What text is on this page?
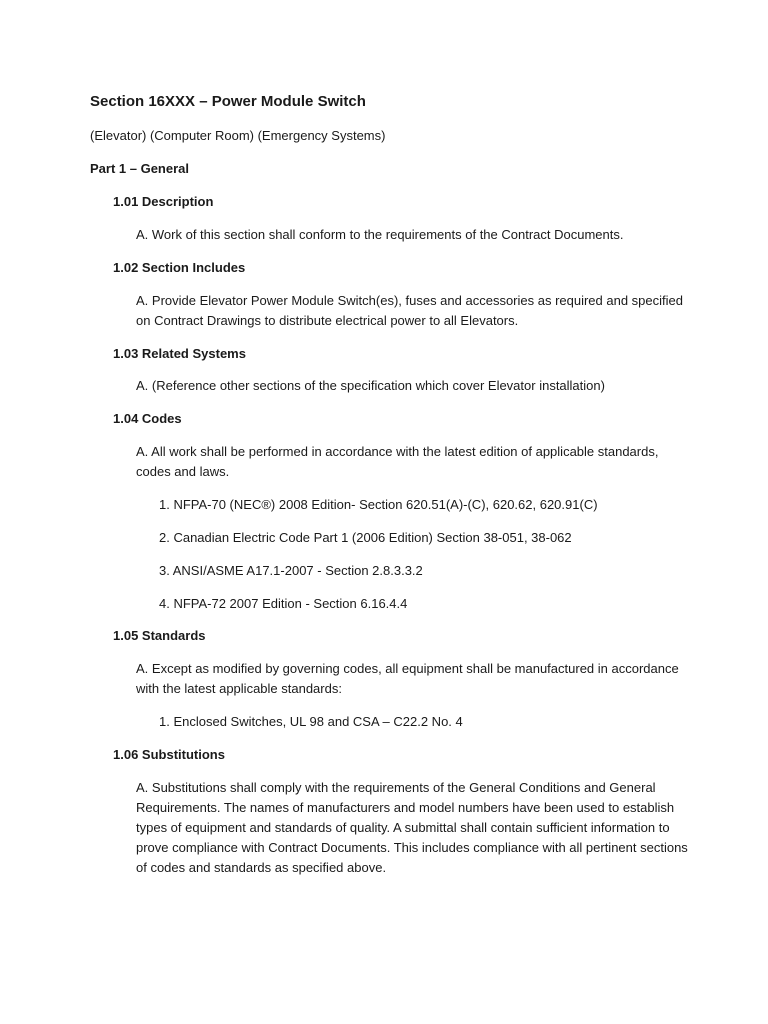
Section 16XXX – Power Module Switch

(Elevator) (Computer Room) (Emergency Systems)

Part 1 – General
1.01 Description

A. Work of this section shall conform to the requirements of the Contract Documents.

1.02 Section Includes

A. Provide Elevator Power Module Switch(es), fuses and accessories as required and specified on Contract Drawings to distribute electrical power to all Elevators.

1.03 Related Systems

A. (Reference other sections of the specification which cover Elevator installation)

1.04 Codes

A. All work shall be performed in accordance with the latest edition of applicable standards, codes and laws.

1. NFPA-70 (NEC®) 2008 Edition- Section 620.51(A)-(C), 620.62, 620.91(C)

2. Canadian Electric Code Part 1 (2006 Edition) Section 38-051, 38-062

3. ANSI/ASME A17.1-2007 - Section 2.8.3.3.2

4. NFPA-72 2007 Edition - Section 6.16.4.4

1.05 Standards

A. Except as modified by governing codes, all equipment shall be manufactured in accordance with the latest applicable standards:

1. Enclosed Switches, UL 98 and CSA – C22.2 No. 4

1.06 Substitutions

A. Substitutions shall comply with the requirements of the General Conditions and General Requirements. The names of manufacturers and model numbers have been used to establish types of equipment and standards of quality. A submittal shall contain sufficient information to prove compliance with Contract Documents. This includes compliance with all pertinent sections of codes and standards as specified above.
